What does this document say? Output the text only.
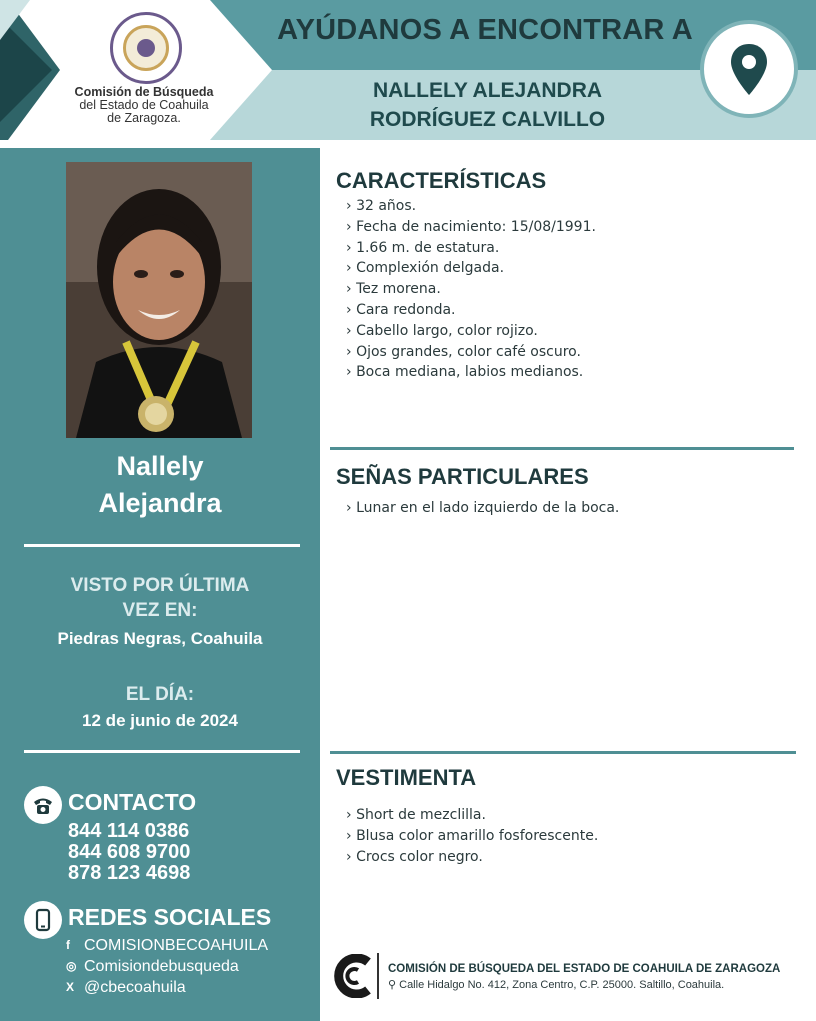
Comisión de Búsqueda
del Estado de Coahuila
de Zaragoza.
AYÚDANOS A ENCONTRAR A
NALLELY ALEJANDRA
RODRÍGUEZ CALVILLO
Nallely
Alejandra
VISTO POR ÚLTIMA
VEZ EN:
Piedras Negras, Coahuila
EL DÍA:
12 de junio de 2024
CONTACTO
844 114 0386
844 608 9700
878 123 4698
REDES SOCIALES
f COMISIONBECOAHUILA
◎ Comisiondebusqueda
X @cbecoahuila
CARACTERÍSTICAS
› 32 años.
› Fecha de nacimiento: 15/08/1991.
› 1.66 m. de estatura.
› Complexión delgada.
› Tez morena.
› Cara redonda.
› Cabello largo, color rojizo.
› Ojos grandes, color café oscuro.
› Boca mediana, labios medianos.
SEÑAS PARTICULARES
› Lunar en el lado izquierdo de la boca.
VESTIMENTA
› Short de mezclilla.
› Blusa color amarillo fosforescente.
› Crocs color negro.
COMISIÓN DE BÚSQUEDA DEL ESTADO DE COAHUILA DE ZARAGOZA
⚲ Calle Hidalgo No. 412, Zona Centro, C.P. 25000. Saltillo, Coahuila.
